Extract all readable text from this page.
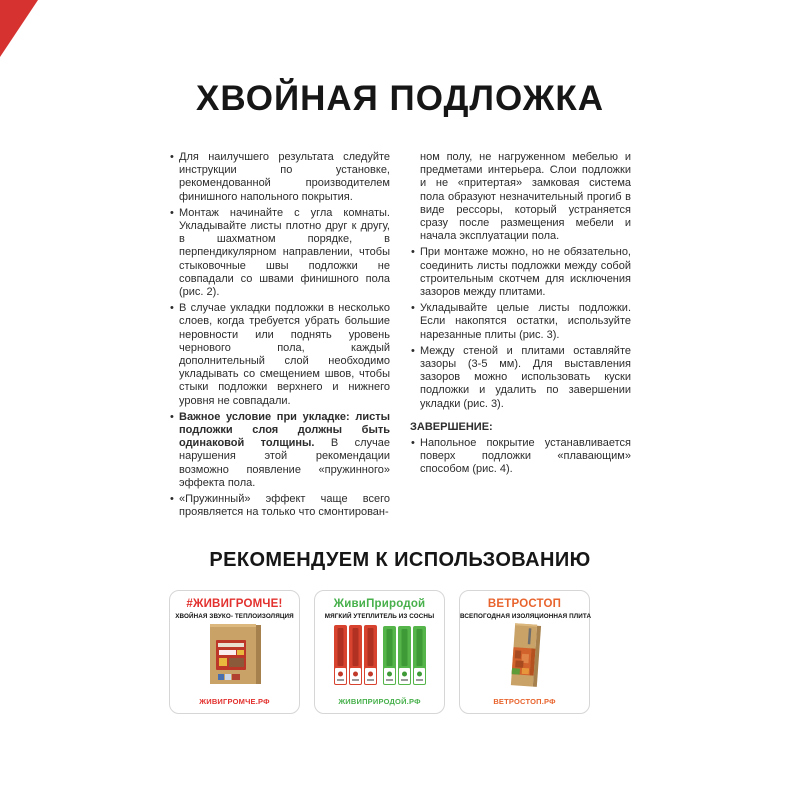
ХВОЙНАЯ ПОДЛОЖКА

• Для наилучшего результата следуйте инструкции по установке, рекомендованной производителем финишного напольного покрытия.

• Монтаж начинайте с угла комнаты. Укладывайте листы плотно друг к другу, в шахматном порядке, в перпендикулярном направлении, чтобы стыковочные швы подложки не совпадали со швами финишного пола (рис. 2).

• В случае укладки подложки в несколько слоев, когда требуется убрать большие неровности или поднять уровень чернового пола, каждый дополнительный слой необходимо укладывать со смещением швов, чтобы стыки подложки верхнего и нижнего уровня не совпадали.

• Важное условие при укладке: листы подложки слоя должны быть одинаковой толщины. В случае нарушения этой рекомендации возможно появление «пружинного» эффекта пола.

• «Пружинный» эффект чаще всего проявляется на только что смонтирован-

ном полу, не нагруженном мебелью и предметами интерьера. Слои подложки и не «притертая» замковая система пола образуют незначительный прогиб в виде рессоры, который устраняется сразу после размещения мебели и начала эксплуатации пола.

• При монтаже можно, но не обязательно, соединить листы подложки между собой строительным скотчем для исключения зазоров между плитами.

• Укладывайте целые листы подложки. Если накопятся остатки, используйте нарезанные плиты (рис. 3).

• Между стеной и плитами оставляйте зазоры (3-5 мм). Для выставления зазоров можно использовать куски подложки и удалить по завершении укладки (рис. 3).

ЗАВЕРШЕНИЕ:

• Напольное покрытие устанавливается поверх подложки «плавающим» способом (рис. 4).

РЕКОМЕНДУЕМ К ИСПОЛЬЗОВАНИЮ
#ЖИВИГРОМЧЕ!
ХВОЙНАЯ ЗВУКО- ТЕПЛОИЗОЛЯЦИЯ
ЖИВИГРОМЧЕ.РФ
ЖивиПриродой
МЯГКИЙ УТЕПЛИТЕЛЬ ИЗ СОСНЫ
ЖИВИПРИРОДОЙ.РФ
ВЕТРОСТОП
ВСЕПОГОДНАЯ ИЗОЛЯЦИОННАЯ ПЛИТА
ВЕТРОСТОП.РФ
